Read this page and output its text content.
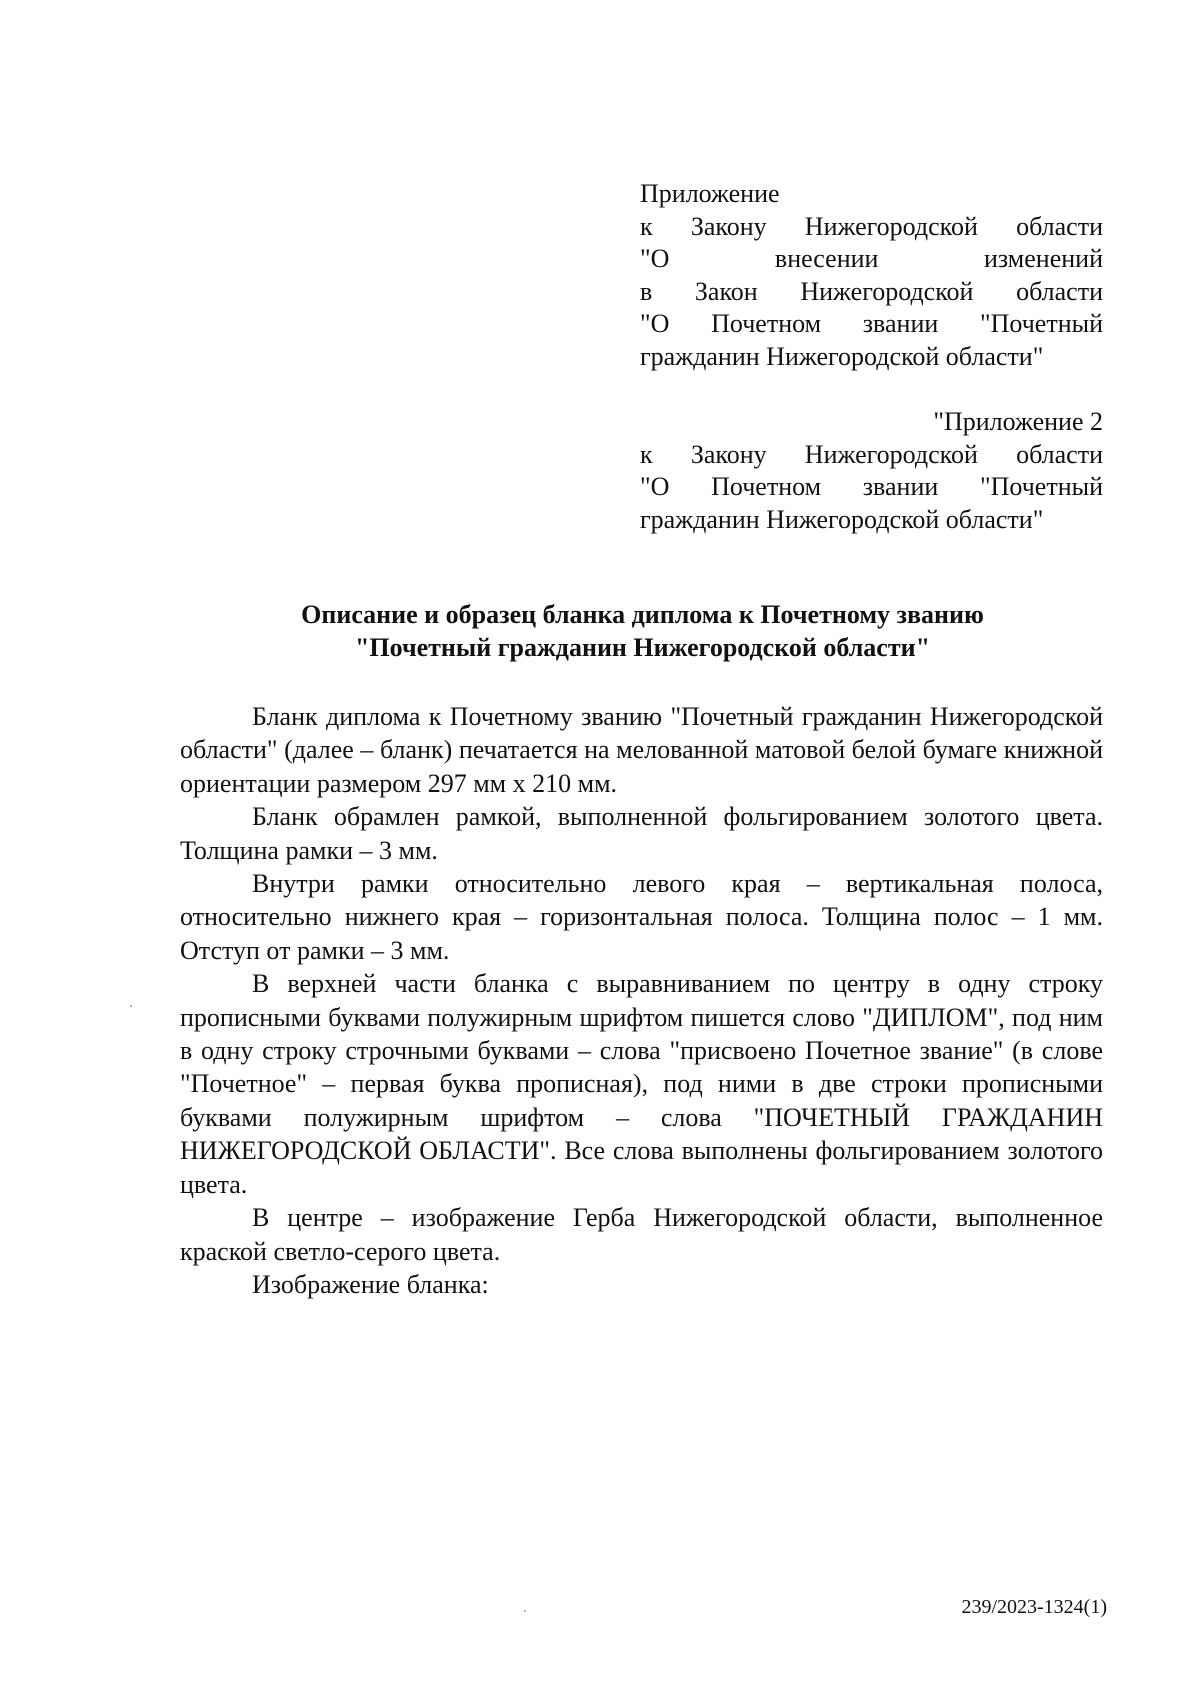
Приложение
к Закону Нижегородской области
"О внесении изменений
в Закон Нижегородской области
"О Почетном звании "Почетный
гражданин Нижегородской области"
"Приложение 2
к Закону Нижегородской области
"О Почетном звании "Почетный
гражданин Нижегородской области"
Описание и образец бланка диплома к Почетному званию
"Почетный гражданин Нижегородской области"

Бланк диплома к Почетному званию "Почетный гражданин Нижегородской области" (далее – бланк) печатается на мелованной матовой белой бумаге книжной ориентации размером 297 мм x 210 мм.

Бланк обрамлен рамкой, выполненной фольгированием золотого цвета. Толщина рамки – 3 мм.

Внутри рамки относительно левого края – вертикальная полоса, относительно нижнего края – горизонтальная полоса. Толщина полос – 1 мм. Отступ от рамки – 3 мм.

В верхней части бланка с выравниванием по центру в одну строку прописными буквами полужирным шрифтом пишется слово "ДИПЛОМ", под ним в одну строку строчными буквами – слова "присвоено Почетное звание" (в слове "Почетное" – первая буква прописная), под ними в две строки прописными буквами полужирным шрифтом – слова "ПОЧЕТНЫЙ ГРАЖДАНИН НИЖЕГОРОДСКОЙ ОБЛАСТИ". Все слова выполнены фольгированием золотого цвета.

В центре – изображение Герба Нижегородской области, выполненное краской светло-серого цвета.

Изображение бланка:

239/2023-1324(1)
